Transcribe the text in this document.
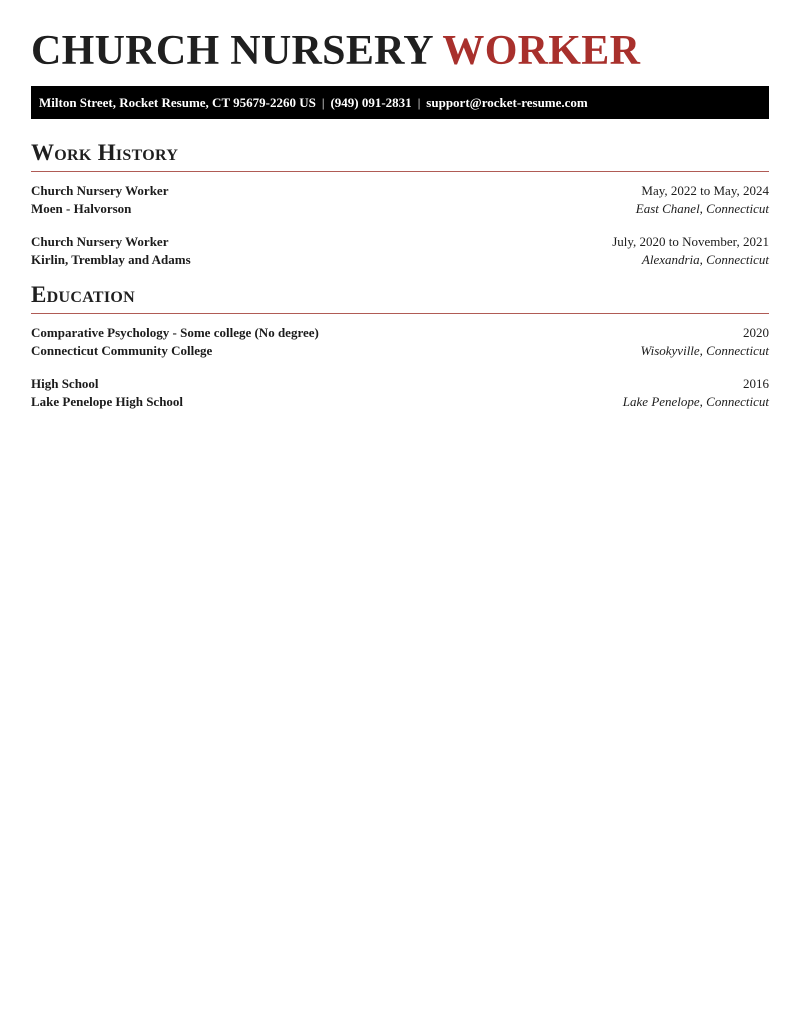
CHURCH NURSERY WORKER
Milton Street, Rocket Resume, CT 95679-2260 US | (949) 091-2831 | support@rocket-resume.com
Work History
Church Nursery Worker	May, 2022 to May, 2024
Moen - Halvorson	East Chanel, Connecticut
Church Nursery Worker	July, 2020 to November, 2021
Kirlin, Tremblay and Adams	Alexandria, Connecticut
Education
Comparative Psychology - Some college (No degree)	2020
Connecticut Community College	Wisokyville, Connecticut
High School	2016
Lake Penelope High School	Lake Penelope, Connecticut
